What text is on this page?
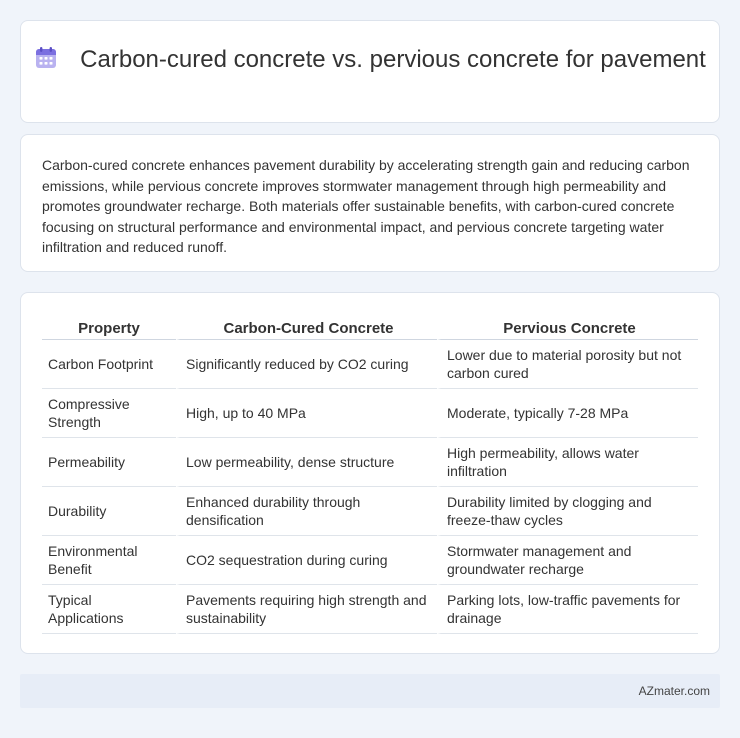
Carbon-cured concrete vs. pervious concrete for pavement

Carbon-cured concrete enhances pavement durability by accelerating strength gain and reducing carbon emissions, while pervious concrete improves stormwater management through high permeability and promotes groundwater recharge. Both materials offer sustainable benefits, with carbon-cured concrete focusing on structural performance and environmental impact, and pervious concrete targeting water infiltration and reduced runoff.

Property	Carbon-Cured Concrete	Pervious Concrete
Carbon Footprint	Significantly reduced by CO2 curing	Lower due to material porosity but not carbon cured
Compressive Strength	High, up to 40 MPa	Moderate, typically 7-28 MPa
Permeability	Low permeability, dense structure	High permeability, allows water infiltration
Durability	Enhanced durability through densification	Durability limited by clogging and freeze-thaw cycles
Environmental Benefit	CO2 sequestration during curing	Stormwater management and groundwater recharge
Typical Applications	Pavements requiring high strength and sustainability	Parking lots, low-traffic pavements for drainage
AZmater.com
